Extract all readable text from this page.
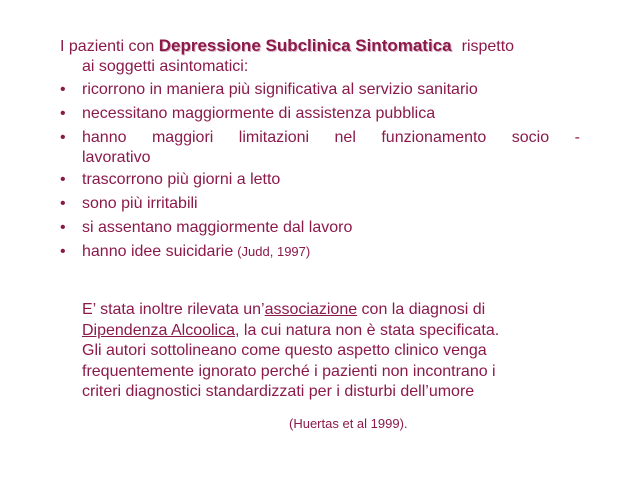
I pazienti con Depressione Subclinica Sintomatica rispetto
ai soggetti asintomatici:
• ricorrono in maniera più significativa al servizio sanitario
• necessitano maggiormente di assistenza pubblica
• hanno maggiori limitazioni nel funzionamento socio -
lavorativo
• trascorrono più giorni a letto
• sono più irritabili
• si assentano maggiormente dal lavoro
• hanno idee suicidarie (Judd, 1997)
E’ stata inoltre rilevata un’associazione con la diagnosi di
Dipendenza Alcoolica, la cui natura non è stata specificata.
Gli autori sottolineano come questo aspetto clinico venga
frequentemente ignorato perché i pazienti non incontrano i
criteri diagnostici standardizzati per i disturbi dell’umore
(Huertas et al 1999).
